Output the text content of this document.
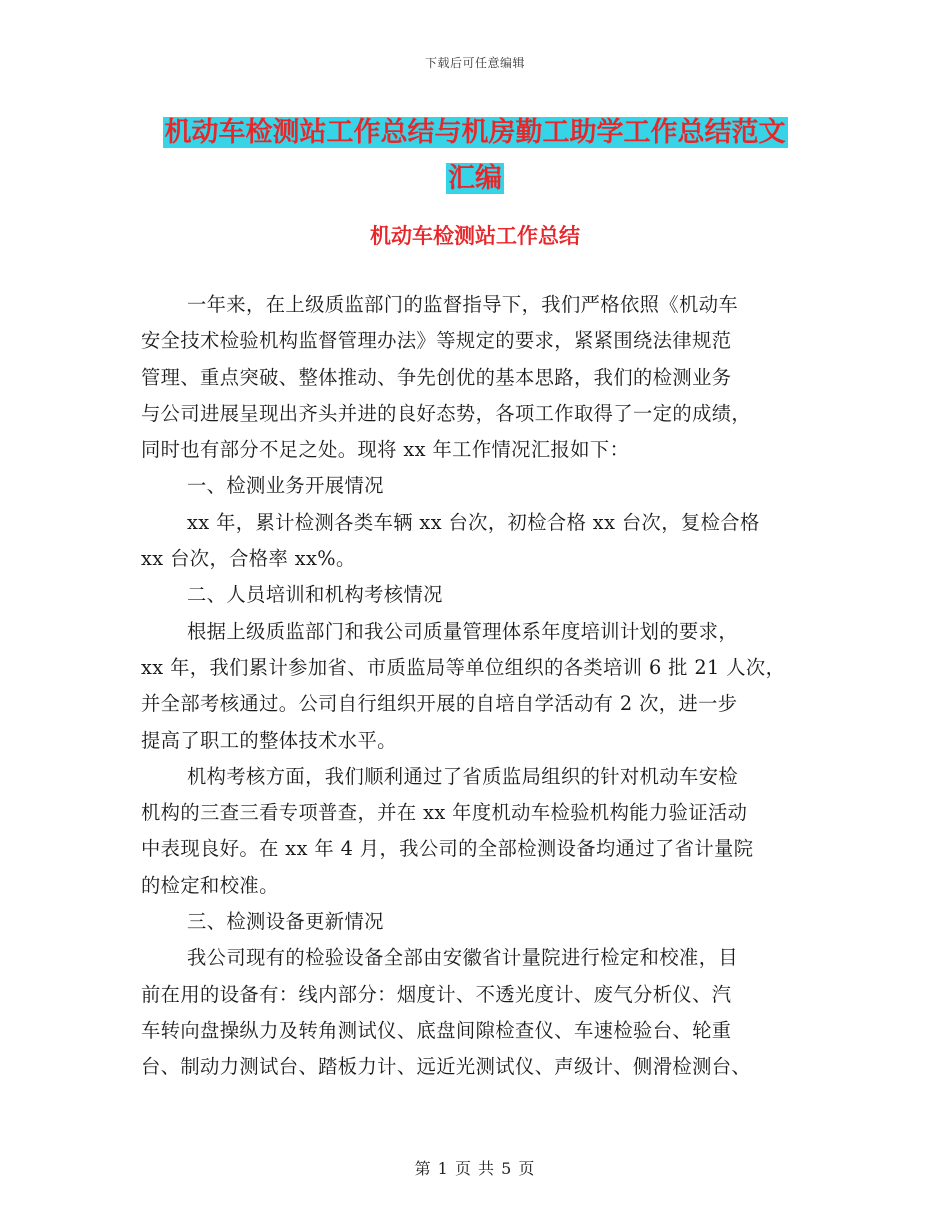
下载后可任意编辑
机动车检测站工作总结与机房勤工助学工作总结范文
汇编
机动车检测站工作总结
一年来，在上级质监部门的监督指导下，我们严格依照《机动车
安全技术检验机构监督管理办法》等规定的要求，紧紧围绕法律规范
管理、重点突破、整体推动、争先创优的基本思路，我们的检测业务
与公司进展呈现出齐头并进的良好态势，各项工作取得了一定的成绩，
同时也有部分不足之处。现将 xx 年工作情况汇报如下：
一、检测业务开展情况
xx 年，累计检测各类车辆 xx 台次，初检合格 xx 台次，复检合格
xx 台次，合格率 xx%。
二、人员培训和机构考核情况
根据上级质监部门和我公司质量管理体系年度培训计划的要求，
xx 年，我们累计参加省、市质监局等单位组织的各类培训 6 批 21 人次，
并全部考核通过。公司自行组织开展的自培自学活动有 2 次，进一步
提高了职工的整体技术水平。
机构考核方面，我们顺利通过了省质监局组织的针对机动车安检
机构的三查三看专项普查，并在 xx 年度机动车检验机构能力验证活动
中表现良好。在 xx 年 4 月，我公司的全部检测设备均通过了省计量院
的检定和校准。
三、检测设备更新情况
我公司现有的检验设备全部由安徽省计量院进行检定和校准，目
前在用的设备有：线内部分：烟度计、不透光度计、废气分析仪、汽
车转向盘操纵力及转角测试仪、底盘间隙检查仪、车速检验台、轮重
台、制动力测试台、踏板力计、远近光测试仪、声级计、侧滑检测台、
第 1 页 共 5 页
